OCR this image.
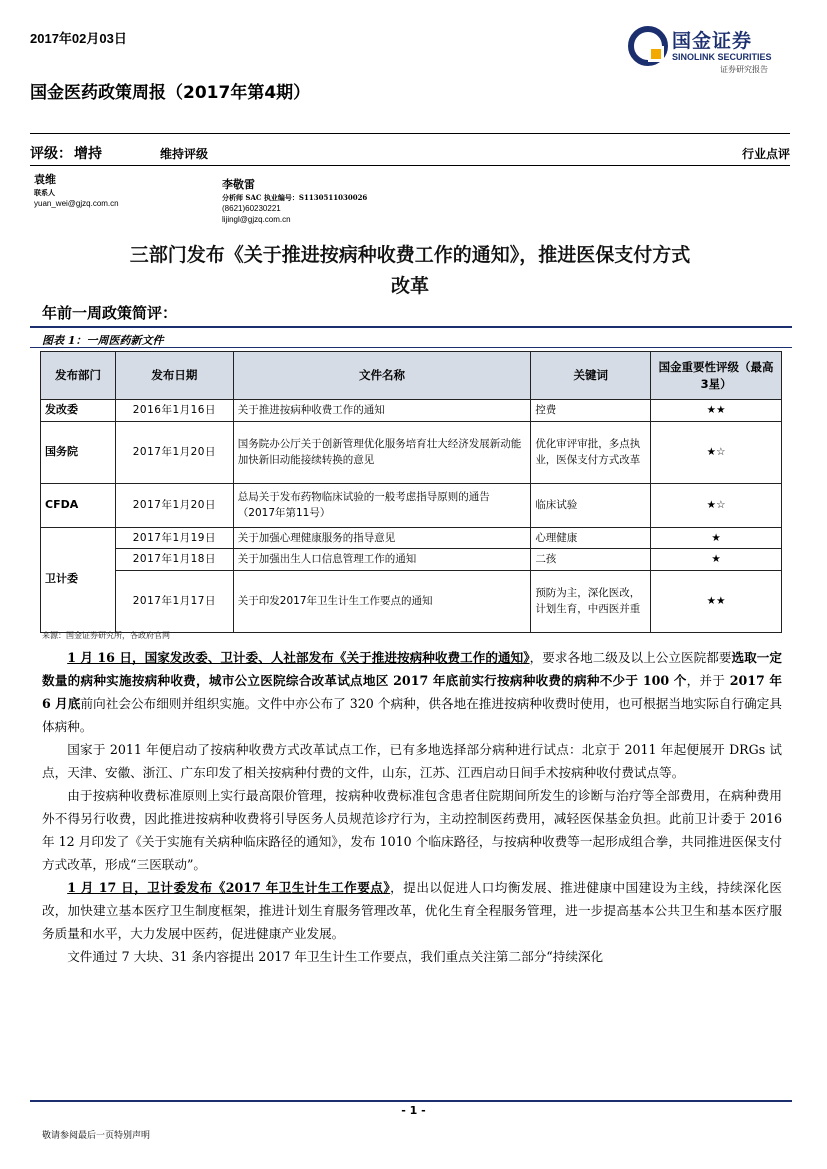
2017年02月03日
国金医药政策周报（2017年第4期）
国金证券
SINOLINK SECURITIES
证券研究报告
评级： 增持	维持评级	行业点评
袁维
联系人
yuan_wei@gjzq.com.cn
李敬雷
分析师 SAC 执业编号：S1130511030026
(8621)60230221
lijingl@gjzq.com.cn
三部门发布《关于推进按病种收费工作的通知》，推进医保支付方式
改革
年前一周政策简评：
图表 1：一周医药新文件
发布部门	发布日期	文件名称	关键词	国金重要性评级（最高3星）
发改委	2016年1月16日	关于推进按病种收费工作的通知	控费	★★
国务院	2017年1月20日	国务院办公厅关于创新管理优化服务培育壮大经济发展新动能加快新旧动能接续转换的意见	优化审评审批，多点执业，医保支付方式改革	★☆
CFDA	2017年1月20日	总局关于发布药物临床试验的一般考虑指导原则的通告（2017年第11号）	临床试验	★☆
卫计委	2017年1月19日	关于加强心理健康服务的指导意见	心理健康	★
	2017年1月18日	关于加强出生人口信息管理工作的通知	二孩	★
	2017年1月17日	关于印发2017年卫生计生工作要点的通知	预防为主，深化医改，计划生育，中西医并重	★★
来源：国金证券研究所，各政府官网

1 月 16 日，国家发改委、卫计委、人社部发布《关于推进按病种收费工作的通知》，要求各地二级及以上公立医院都要选取一定数量的病种实施按病种收费，城市公立医院综合改革试点地区 2017 年底前实行按病种收费的病种不少于 100 个，并于 2017 年 6 月底前向社会公布细则并组织实施。文件中亦公布了 320 个病种，供各地在推进按病种收费时使用，也可根据当地实际自行确定具体病种。

国家于 2011 年便启动了按病种收费方式改革试点工作，已有多地选择部分病种进行试点：北京于 2011 年起便展开 DRGs 试点，天津、安徽、浙江、广东印发了相关按病种付费的文件，山东，江苏、江西启动日间手术按病种收付费试点等。

由于按病种收费标准原则上实行最高限价管理，按病种收费标准包含患者住院期间所发生的诊断与治疗等全部费用，在病种费用外不得另行收费，因此推进按病种收费将引导医务人员规范诊疗行为，主动控制医药费用，减轻医保基金负担。此前卫计委于 2016 年 12 月印发了《关于实施有关病种临床路径的通知》，发布 1010 个临床路径，与按病种收费等一起形成组合拳，共同推进医保支付方式改革，形成“三医联动”。

1 月 17 日，卫计委发布《2017 年卫生计生工作要点》，提出以促进人口均衡发展、推进健康中国建设为主线，持续深化医改，加快建立基本医疗卫生制度框架，推进计划生育服务管理改革，优化生育全程服务管理，进一步提高基本公共卫生和基本医疗服务质量和水平，大力发展中医药，促进健康产业发展。

文件通过 7 大块、31 条内容提出 2017 年卫生计生工作要点，我们重点关注第二部分“持续深化

- 1 -
敬请参阅最后一页特别声明
